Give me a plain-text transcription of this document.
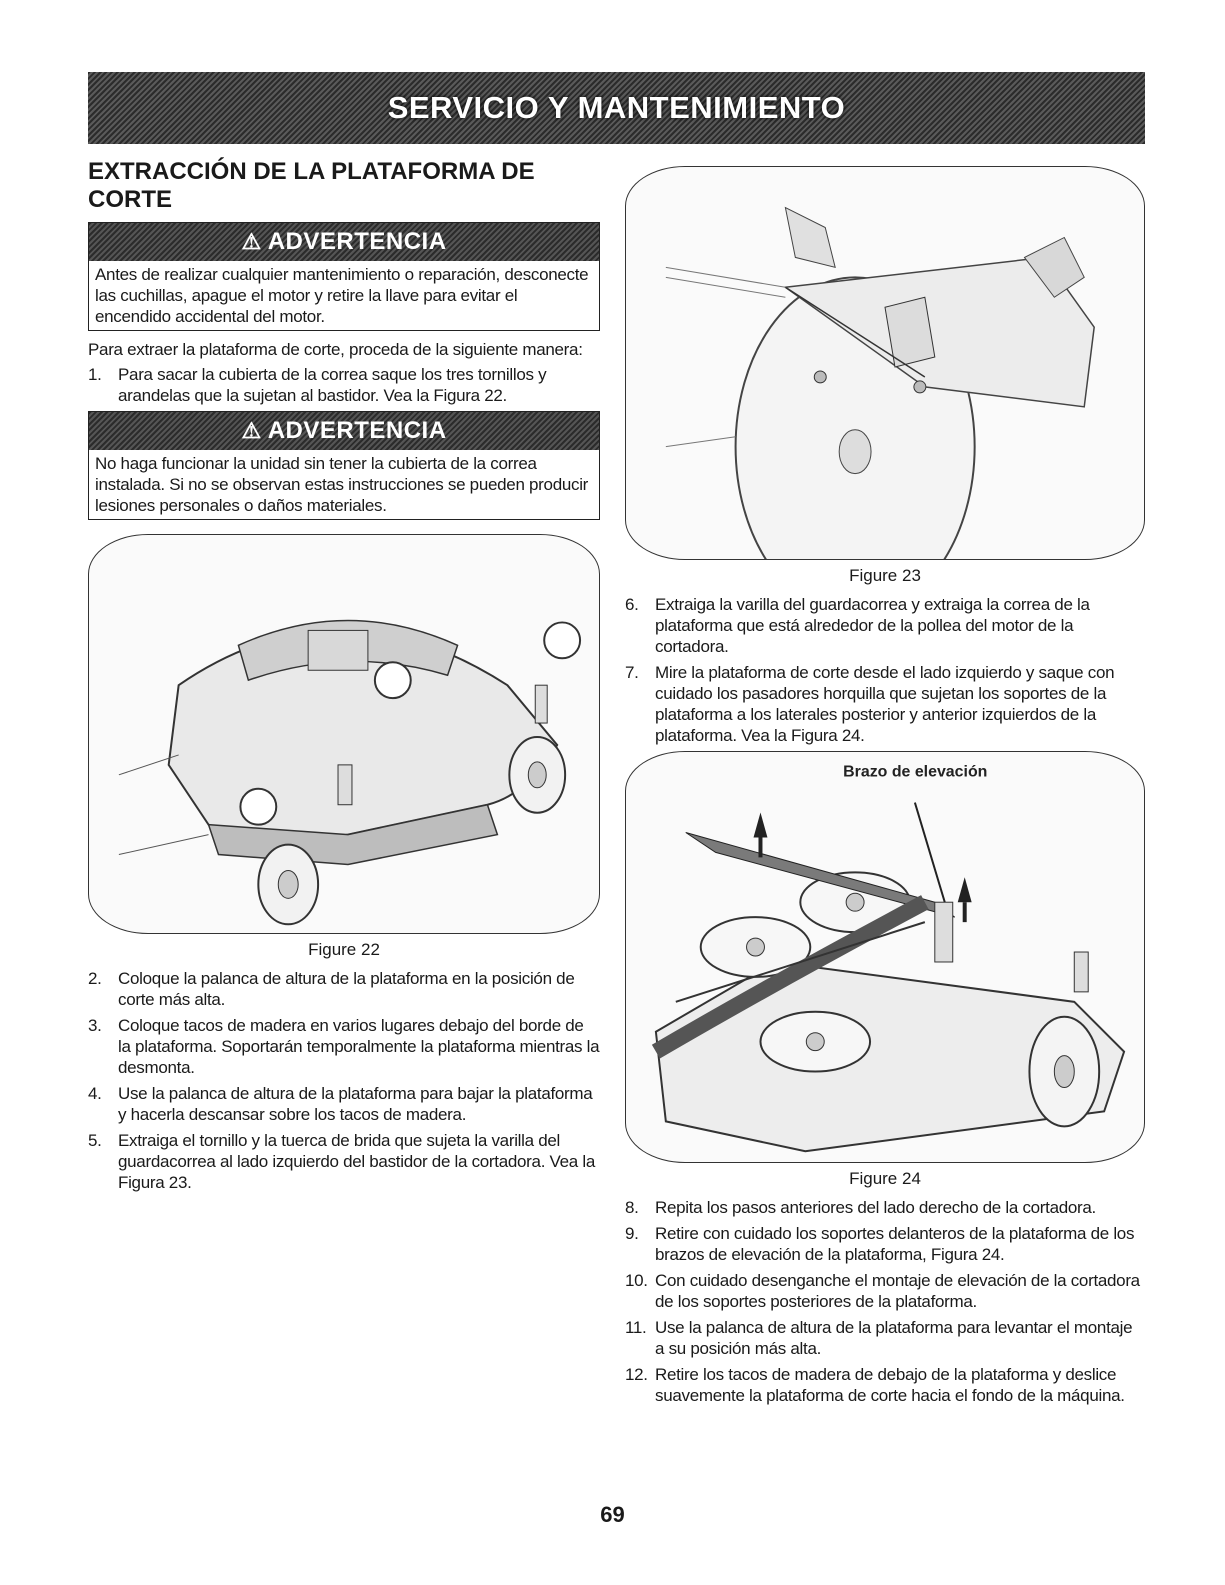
SERVICIO Y MANTENIMIENTO
EXTRACCIÓN DE LA PLATAFORMA DE CORTE
⚠ ADVERTENCIA
Antes de realizar cualquier mantenimiento o reparación, desconecte las cuchillas, apague el motor y retire la llave para evitar el encendido accidental del motor.

Para extraer la plataforma de corte, proceda de la siguiente manera:

1. Para sacar la cubierta de la correa saque los tres tornillos y arandelas que la sujetan al bastidor. Vea la Figura 22.
⚠ ADVERTENCIA
No haga funcionar la unidad sin tener la cubierta de la correa instalada. Si no se observan estas instrucciones se pueden producir lesiones personales o daños materiales.
Figure 22
2. Coloque la palanca de altura de la plataforma en la posición de corte más alta.
3. Coloque tacos de madera en varios lugares debajo del borde de la plataforma. Soportarán temporalmente la plataforma mientras la desmonta.
4. Use la palanca de altura de la plataforma para bajar la plataforma y hacerla descansar sobre los tacos de madera.
5. Extraiga el tornillo y la tuerca de brida que sujeta la varilla del guardacorrea al lado izquierdo del bastidor de la cortadora. Vea la Figura 23.
Figure 23
6. Extraiga la varilla del guardacorrea y extraiga la correa de la plataforma que está alrededor de la pollea del motor de la cortadora.
7. Mire la plataforma de corte desde el lado izquierdo y saque con cuidado los pasadores horquilla que sujetan los soportes de la plataforma a los laterales posterior y anterior izquierdos de la plataforma. Vea la Figura 24.
Brazo de elevación
Figure 24
8. Repita los pasos anteriores del lado derecho de la cortadora.
9. Retire con cuidado los soportes delanteros de la plataforma de los brazos de elevación de la plataforma, Figura 24.
10. Con cuidado desenganche el montaje de elevación de la cortadora de los soportes posteriores de la plataforma.
11. Use la palanca de altura de la plataforma para levantar el montaje a su posición más alta.
12. Retire los tacos de madera de debajo de la plataforma y deslice suavemente la plataforma de corte hacia el fondo de la máquina.
69
